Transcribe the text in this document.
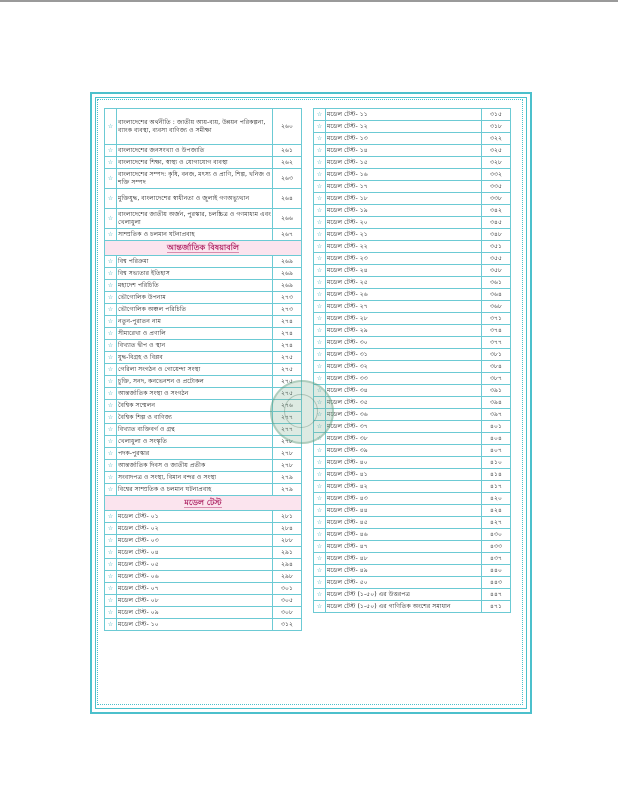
☆	বাংলাদেশের অর্থনীতি : জাতীয় আয়-ব্যয়, উন্নয়ন পরিকল্পনা, ব্যাংক ব্যবস্থা, ব্যবসা বাণিজ্য ও সমীক্ষা	২৬০
☆	বাংলাদেশের জনসংখ্যা ও উপজাতি	২৬১
☆	বাংলাদেশের শিক্ষা, স্বাস্থ্য ও যোগাযোগ ব্যবস্থা	২৬২
☆	বাংলাদেশের সম্পদ: কৃষি, বনজ, মৎস্য ও প্রাণি, শিল্প, খনিজ ও শক্তি সম্পদ	২৬৩
☆	মুক্তিযুদ্ধ, বাংলাদেশের স্বাধীনতা ও জুলাই গণঅভ্যুত্থান	২৬৪
☆	বাংলাদেশের জাতীয় অর্জন, পুরস্কার, চলচ্চিত্র ও গণমাধ্যম এবং খেলাধুলা	২৬৬
☆	সাম্প্রতিক ও চলমান ঘটনাপ্রবাহ	২৬৭
আন্তর্জাতিক বিষয়াবলি		
☆	বিশ্ব পরিক্রমা	২৬৯
☆	বিশ্ব সভ্যতার ইতিহাস	২৬৯
☆	মহাদেশ পরিচিতি	২৬৯
☆	ভৌগোলিক উপনাম	২৭৩
☆	ভৌগোলিক অঞ্চল পরিচিতি	২৭৩
☆	নতুন-পুরাতন নাম	২৭৪
☆	সীমারেখা ও প্রণালি	২৭৪
☆	বিখ্যাত দ্বীপ ও স্থান	২৭৪
☆	যুদ্ধ-বিগ্রহ ও বিপ্লব	২৭৫
☆	গেরিলা সংগঠন ও গোয়েন্দা সংস্থা	২৭৫
☆	চুক্তি, সনদ, কনভেনশন ও প্রটোকল	২৭৫
☆	আন্তর্জাতিক সংস্থা ও সংগঠন	২৭৫
☆	বৈশ্বিক সম্মেলন	২৭৬
☆	বৈশ্বিক শিল্প ও বাণিজ্য	২৭৭
☆	বিখ্যাত ব্যক্তিবর্গ ও গ্রন্থ	২৭৭
☆	খেলাধুলা ও সংস্কৃতি	২৭৮
☆	পদক-পুরস্কার	২৭৮
☆	আন্তর্জাতিক দিবস ও জাতীয় প্রতীক	২৭৮
☆	সংবাদপত্র ও সংস্থা, বিমান বন্দর ও সংস্থা	২৭৯
☆	বিশ্বের সাম্প্রতিক ও চলমান ঘটনাপ্রবাহ	২৭৯
মডেল টেস্ট		
☆	মডেল টেস্ট- ০১	২৮১
☆	মডেল টেস্ট- ০২	২৮৪
☆	মডেল টেস্ট- ০৩	২৮৮
☆	মডেল টেস্ট- ০৪	২৯১
☆	মডেল টেস্ট- ০৫	২৯৪
☆	মডেল টেস্ট- ০৬	২৯৮
☆	মডেল টেস্ট- ০৭	৩০১
☆	মডেল টেস্ট- ০৮	৩০৫
☆	মডেল টেস্ট- ০৯	৩০৮
☆	মডেল টেস্ট- ১০	৩১২
☆	মডেল টেস্ট- ১১	৩১৫
☆	মডেল টেস্ট- ১২	৩১৮
☆	মডেল টেস্ট- ১৩	৩২২
☆	মডেল টেস্ট- ১৪	৩২৫
☆	মডেল টেস্ট- ১৫	৩২৮
☆	মডেল টেস্ট- ১৬	৩৩২
☆	মডেল টেস্ট- ১৭	৩৩৫
☆	মডেল টেস্ট- ১৮	৩৩৮
☆	মডেল টেস্ট- ১৯	৩৪২
☆	মডেল টেস্ট- ২০	৩৪৫
☆	মডেল টেস্ট- ২১	৩৪৮
☆	মডেল টেস্ট- ২২	৩৫১
☆	মডেল টেস্ট- ২৩	৩৫৫
☆	মডেল টেস্ট- ২৪	৩৫৮
☆	মডেল টেস্ট- ২৫	৩৬১
☆	মডেল টেস্ট- ২৬	৩৬৪
☆	মডেল টেস্ট- ২৭	৩৬৮
☆	মডেল টেস্ট- ২৮	৩৭১
☆	মডেল টেস্ট- ২৯	৩৭৪
☆	মডেল টেস্ট- ৩০	৩৭৭
☆	মডেল টেস্ট- ৩১	৩৮১
☆	মডেল টেস্ট- ৩২	৩৮৪
☆	মডেল টেস্ট- ৩৩	৩৮৭
☆	মডেল টেস্ট- ৩৪	৩৯১
☆	মডেল টেস্ট- ৩৫	৩৯৪
☆	মডেল টেস্ট- ৩৬	৩৯৭
☆	মডেল টেস্ট- ৩৭	৪০১
☆	মডেল টেস্ট- ৩৮	৪০৪
☆	মডেল টেস্ট- ৩৯	৪০৭
☆	মডেল টেস্ট- ৪০	৪১০
☆	মডেল টেস্ট- ৪১	৪১৪
☆	মডেল টেস্ট- ৪২	৪১৭
☆	মডেল টেস্ট- ৪৩	৪২০
☆	মডেল টেস্ট- ৪৪	৪২৪
☆	মডেল টেস্ট- ৪৫	৪২৭
☆	মডেল টেস্ট- ৪৬	৪৩০
☆	মডেল টেস্ট- ৪৭	৪৩৩
☆	মডেল টেস্ট- ৪৮	৪৩৭
☆	মডেল টেস্ট- ৪৯	৪৪০
☆	মডেল টেস্ট- ৫০	৪৪৩
☆	মডেল টেস্ট (১-৫০) এর উত্তরপত্র	৪৪৭
☆	মডেল টেস্ট (১-৫০) এর গাণিতিক অংশের সমাধান	৪৭১
